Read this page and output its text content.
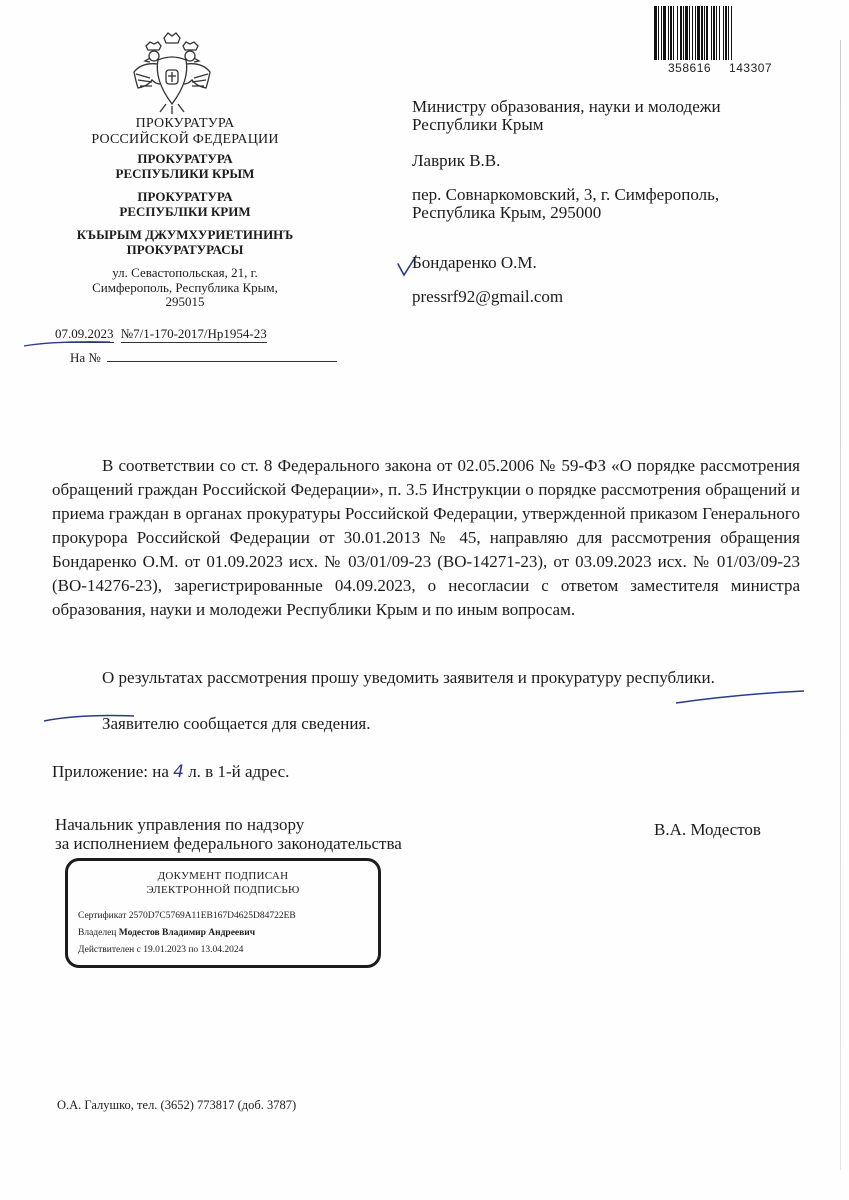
358616 143307
ПРОКУРАТУРА
РОССИЙСКОЙ ФЕДЕРАЦИИ
ПРОКУРАТУРА
РЕСПУБЛИКИ КРЫМ
ПРОКУРАТУРА
РЕСПУБЛІКИ КРИМ
КЪЫРЫМ ДЖУМХУРИЕТИНИНЪ
ПРОКУРАТУРАСЫ
ул. Севастопольская, 21, г.
Симферополь, Республика Крым,
295015
07.09.2023 №7/1-170-2017/Нр1954-23
На №
Министру образования, науки и молодежи
Республики Крым
Лаврик В.В.
пер. Совнаркомовский, 3, г. Симферополь,
Республика Крым, 295000
Бондаренко О.М.
pressrf92@gmail.com

В соответствии со ст. 8 Федерального закона от 02.05.2006 № 59-ФЗ «О порядке рассмотрения обращений граждан Российской Федерации», п. 3.5 Инструкции о порядке рассмотрения обращений и приема граждан в органах прокуратуры Российской Федерации, утвержденной приказом Генерального прокурора Российской Федерации от 30.01.2013 № 45, направляю для рассмотрения обращения Бондаренко О.М. от 01.09.2023 исх. № 03/01/09-23 (ВО-14271-23), от 03.09.2023 исх. № 01/03/09-23 (ВО-14276-23), зарегистрированные 04.09.2023, о несогласии с ответом заместителя министра образования, науки и молодежи Республики Крым и по иным вопросам.

О результатах рассмотрения прошу уведомить заявителя и прокуратуру республики.

Заявителю сообщается для сведения.

Приложение: на 4 л. в 1-й адрес.
Начальник управления по надзору
за исполнением федерального законодательства
В.А. Модестов
ДОКУМЕНТ ПОДПИСАН
ЭЛЕКТРОННОЙ ПОДПИСЬЮ
Сертификат 2570D7C5769A11EB167D4625D84722EB
Владелец Модестов Владимир Андреевич
Действителен с 19.01.2023 по 13.04.2024
О.А. Галушко, тел. (3652) 773817 (доб. 3787)
